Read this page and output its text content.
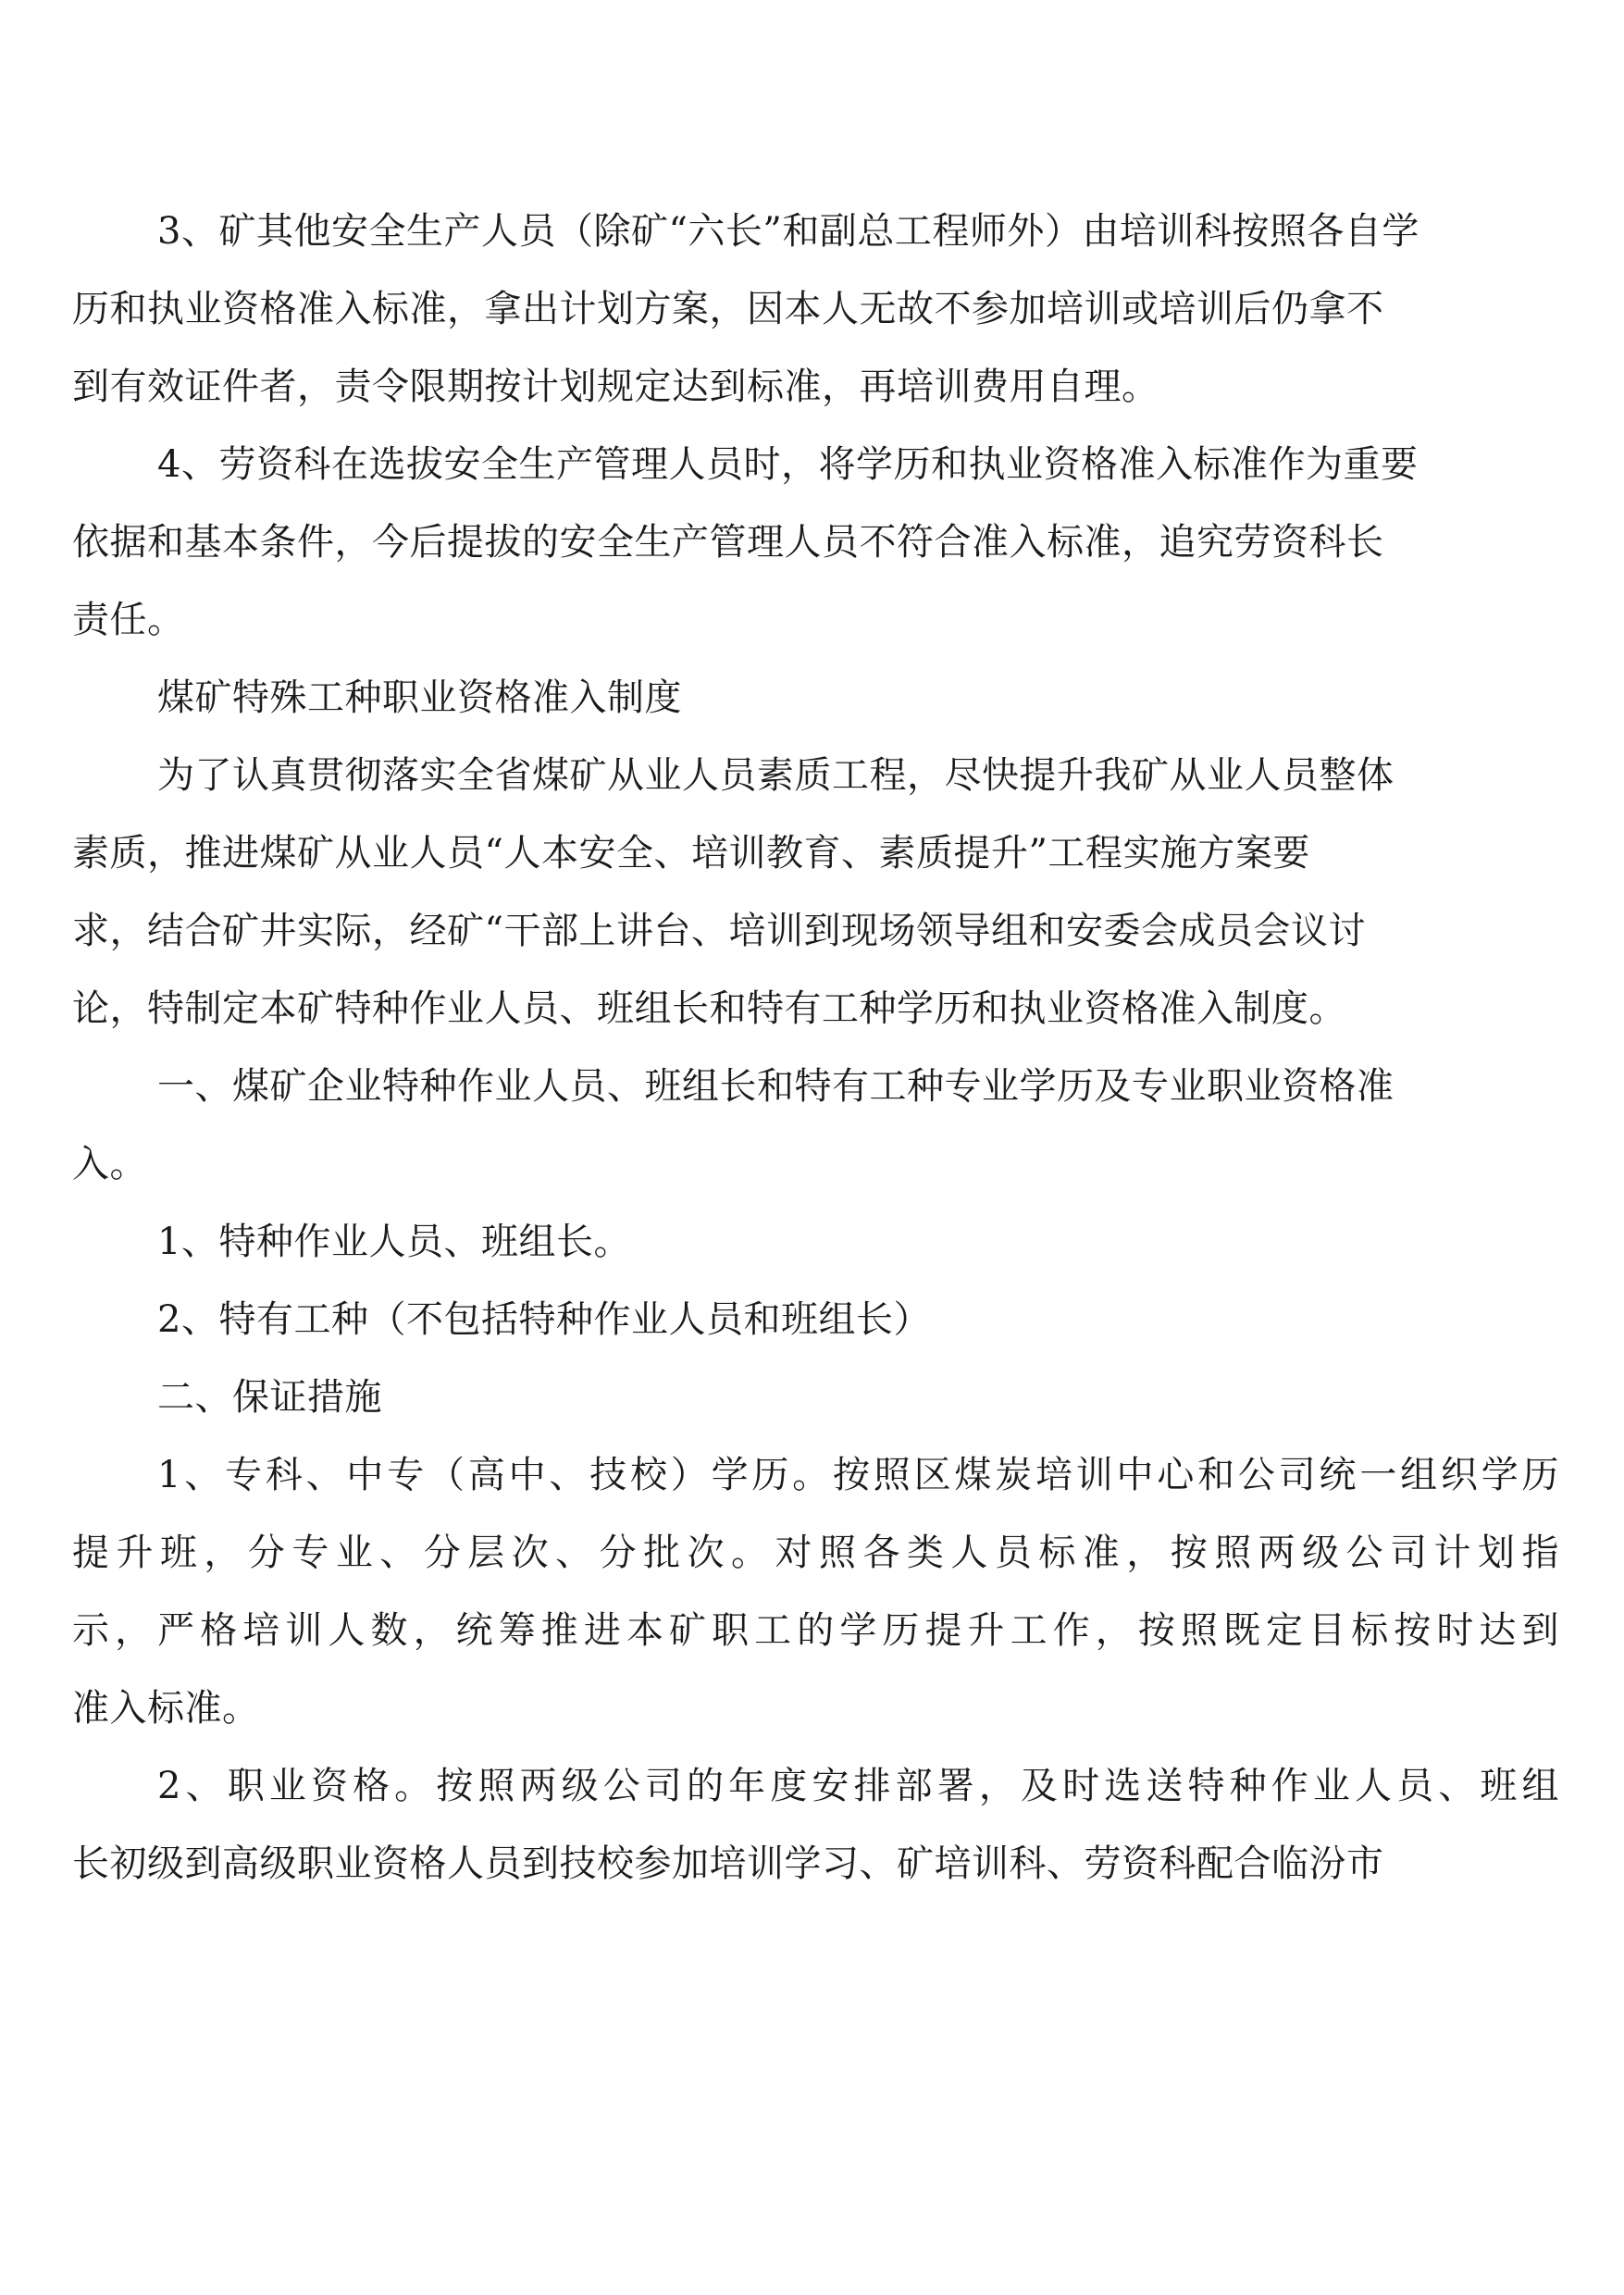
3、矿其他安全生产人员（除矿“六长”和副总工程师外）由培训科按照各自学
历和执业资格准入标准，拿出计划方案，因本人无故不参加培训或培训后仍拿不
到有效证件者，责令限期按计划规定达到标准，再培训费用自理。
4、劳资科在选拔安全生产管理人员时，将学历和执业资格准入标准作为重要
依据和基本条件，今后提拔的安全生产管理人员不符合准入标准，追究劳资科长
责任。
煤矿特殊工种职业资格准入制度
为了认真贯彻落实全省煤矿从业人员素质工程，尽快提升我矿从业人员整体
素质，推进煤矿从业人员“人本安全、培训教育、素质提升”工程实施方案要
求，结合矿井实际，经矿“干部上讲台、培训到现场领导组和安委会成员会议讨
论，特制定本矿特种作业人员、班组长和特有工种学历和执业资格准入制度。
一、煤矿企业特种作业人员、班组长和特有工种专业学历及专业职业资格准
入。
1、特种作业人员、班组长。
2、特有工种（不包括特种作业人员和班组长）
二、保证措施
1、专科、中专（高中、技校）学历。按照区煤炭培训中心和公司统一组织学历
提升班，分专业、分层次、分批次。对照各类人员标准，按照两级公司计划指
示，严格培训人数，统筹推进本矿职工的学历提升工作，按照既定目标按时达到
准入标准。
2、职业资格。按照两级公司的年度安排部署，及时选送特种作业人员、班组
长初级到高级职业资格人员到技校参加培训学习、矿培训科、劳资科配合临汾市
